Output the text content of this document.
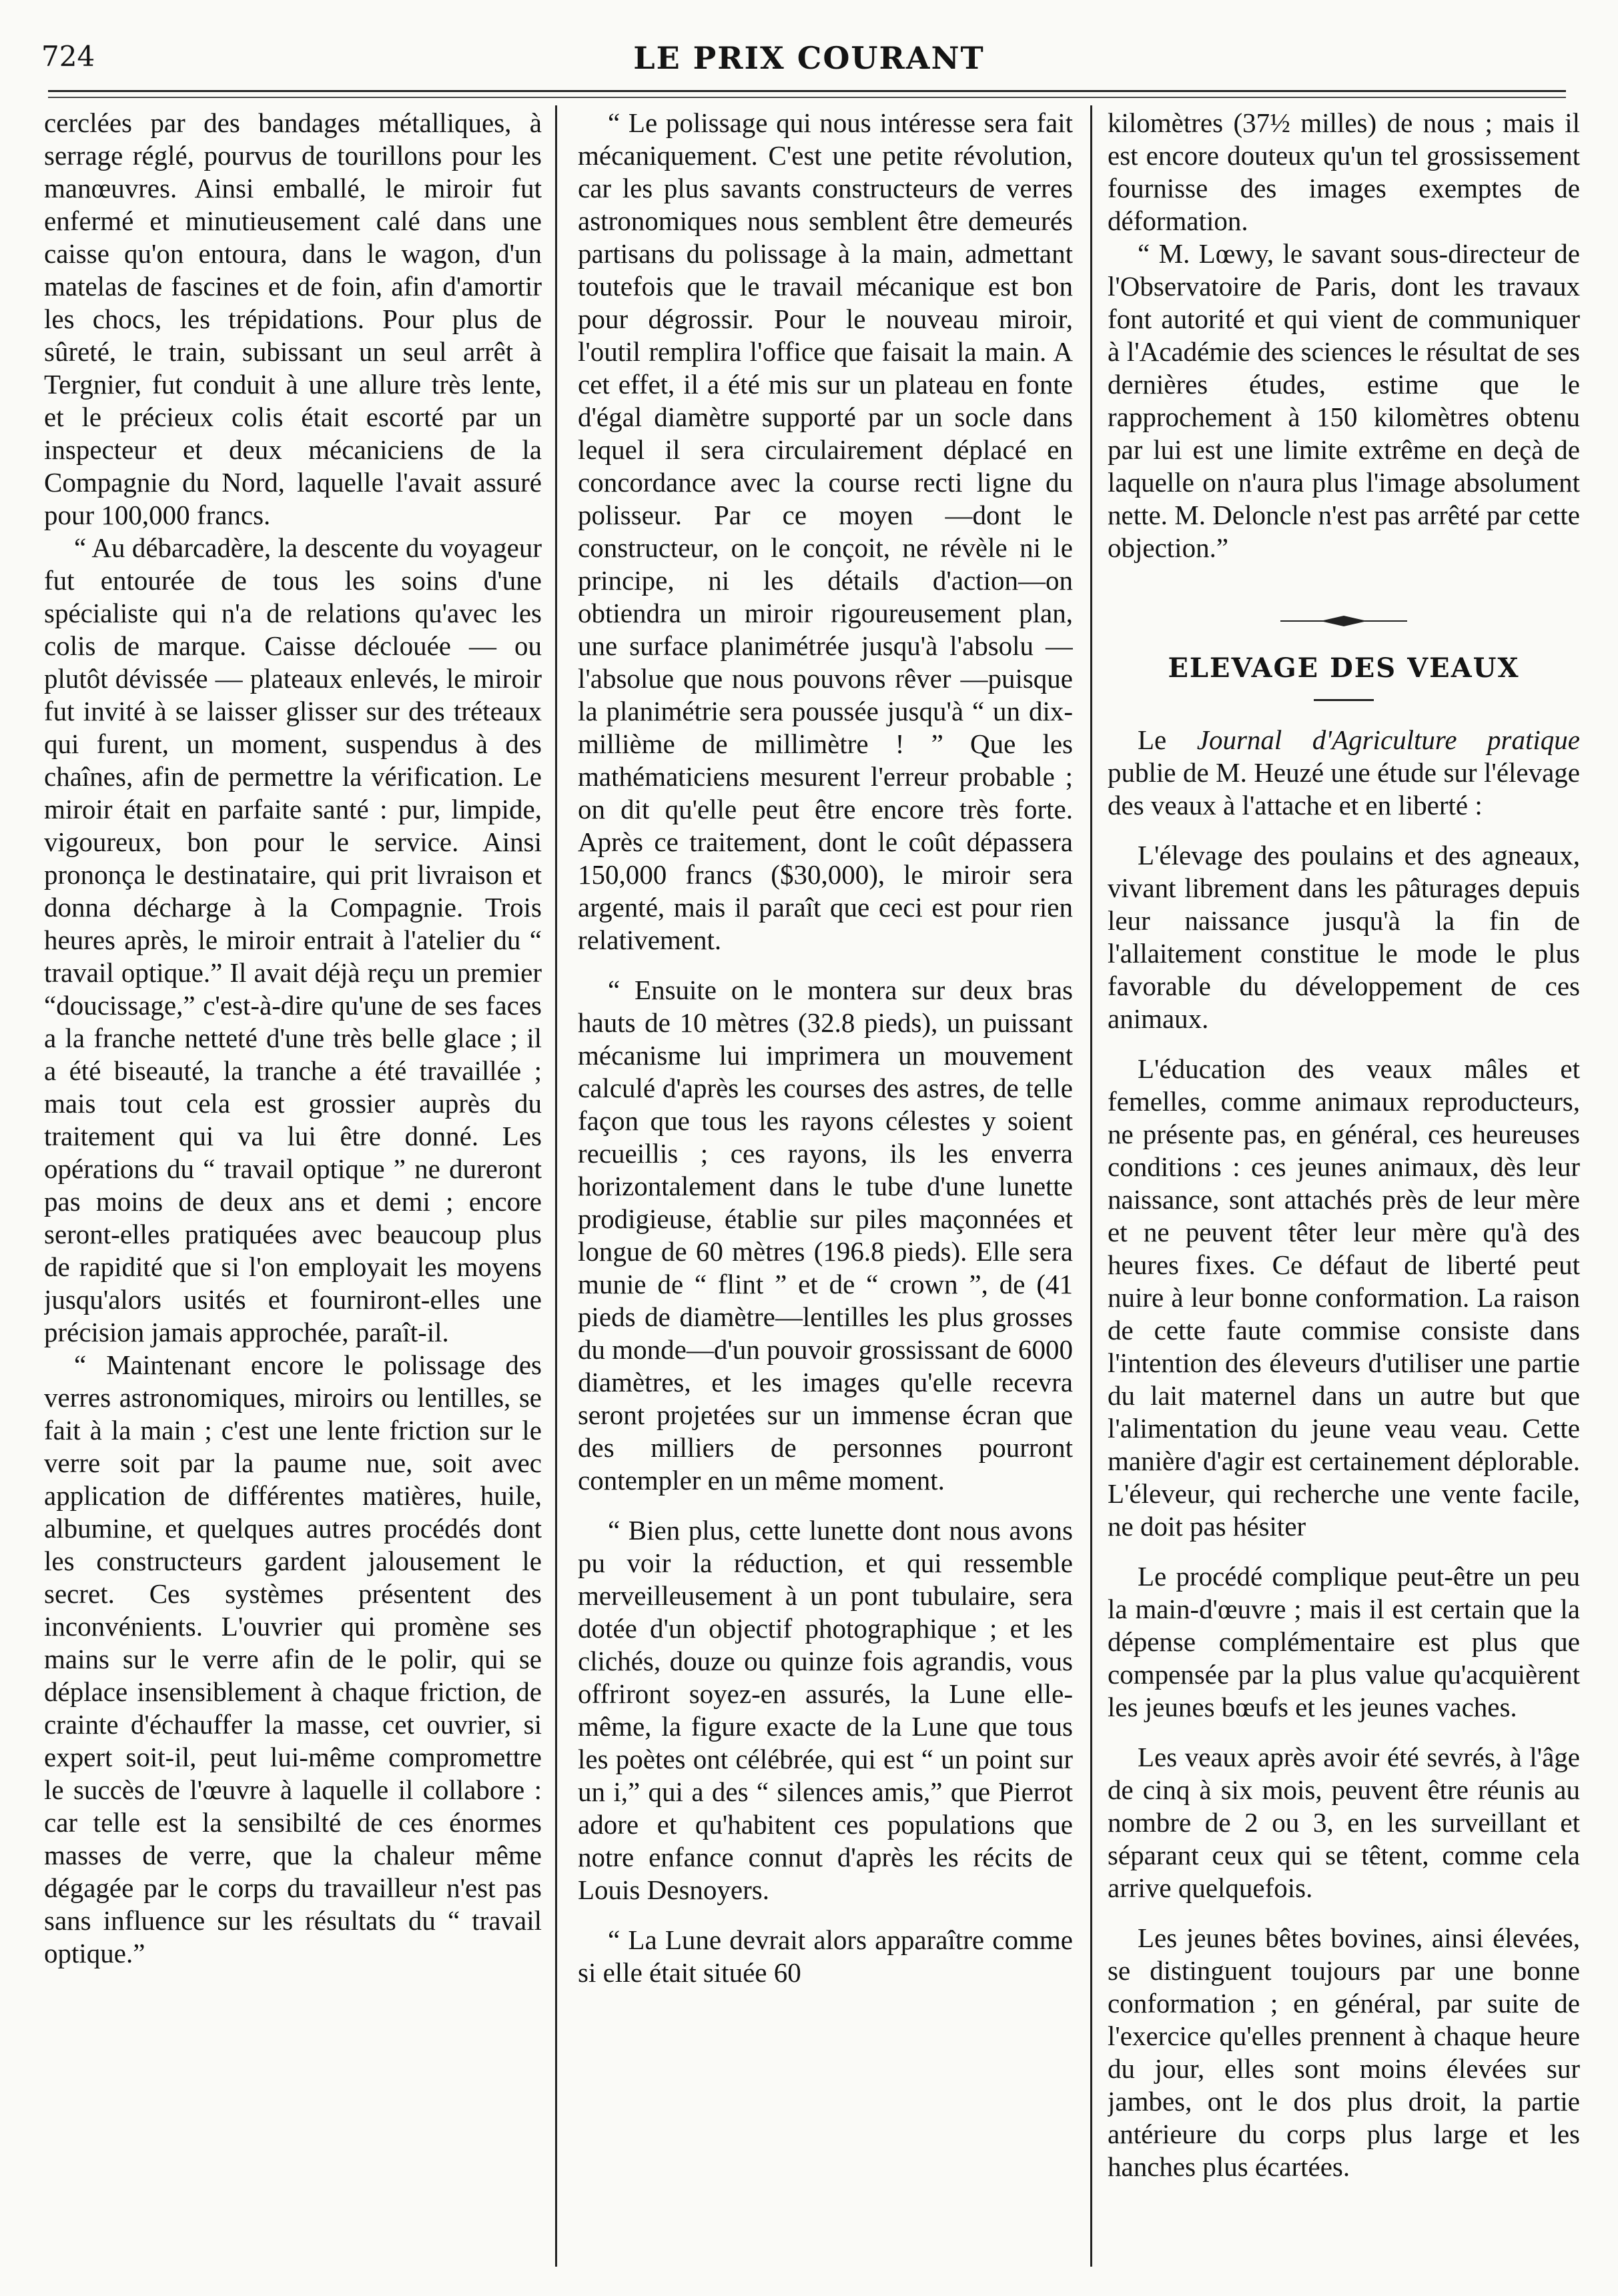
724	LE PRIX COURANT

cerclées par des bandages métalliques, à serrage réglé, pourvus de tourillons pour les manœuvres. Ainsi emballé, le miroir fut enfermé et minutieusement calé dans une caisse qu'on entoura, dans le wagon, d'un matelas de fascines et de foin, afin d'amortir les chocs, les trépidations. Pour plus de sûreté, le train, subissant un seul arrêt à Tergnier, fut conduit à une allure très lente, et le précieux colis était escorté par un inspecteur et deux mécaniciens de la Compagnie du Nord, laquelle l'avait assuré pour 100,000 francs.

“ Au débarcadère, la descente du voyageur fut entourée de tous les soins d'une spécialiste qui n'a de relations qu'avec les colis de marque. Caisse déclouée — ou plutôt dévissée — plateaux enlevés, le miroir fut invité à se laisser glisser sur des tréteaux qui furent, un moment, suspendus à des chaînes, afin de permettre la vérification. Le miroir était en parfaite santé : pur, limpide, vigoureux, bon pour le service. Ainsi prononça le destinataire, qui prit livraison et donna décharge à la Compagnie. Trois heures après, le miroir entrait à l'atelier du “ travail optique.” Il avait déjà reçu un premier “doucissage,” c'est-à-dire qu'une de ses faces a la franche netteté d'une très belle glace ; il a été biseauté, la tranche a été travaillée ; mais tout cela est grossier auprès du traitement qui va lui être donné. Les opérations du “ travail optique ” ne dureront pas moins de deux ans et demi ; encore seront-elles pratiquées avec beaucoup plus de rapidité que si l'on employait les moyens jusqu'alors usités et fourniront-elles une précision jamais approchée, paraît-il.

“ Maintenant encore le polissage des verres astronomiques, miroirs ou lentilles, se fait à la main ; c'est une lente friction sur le verre soit par la paume nue, soit avec application de différentes matières, huile, albumine, et quelques autres procédés dont les constructeurs gardent jalousement le secret. Ces systèmes présentent des inconvénients. L'ouvrier qui promène ses mains sur le verre afin de le polir, qui se déplace insensiblement à chaque friction, de crainte d'échauffer la masse, cet ouvrier, si expert soit-il, peut lui-même compromettre le succès de l'œuvre à laquelle il collabore : car telle est la sensibilté de ces énormes masses de verre, que la chaleur même dégagée par le corps du travailleur n'est pas sans influence sur les résultats du “ travail optique.”

“ Le polissage qui nous intéresse sera fait mécaniquement. C'est une petite révolution, car les plus savants constructeurs de verres astronomiques nous semblent être demeurés partisans du polissage à la main, admettant toutefois que le travail mécanique est bon pour dégrossir. Pour le nouveau miroir, l'outil remplira l'office que faisait la main. A cet effet, il a été mis sur un plateau en fonte d'égal diamètre supporté par un socle dans lequel il sera circulairement déplacé en concordance avec la course recti ligne du polisseur. Par ce moyen —dont le constructeur, on le conçoit, ne révèle ni le principe, ni les détails d'action—on obtiendra un miroir rigoureusement plan, une surface planimétrée jusqu'à l'absolu —l'absolue que nous pouvons rêver —puisque la planimétrie sera poussée jusqu'à “ un dix-millième de millimètre ! ” Que les mathématiciens mesurent l'erreur probable ; on dit qu'elle peut être encore très forte. Après ce traitement, dont le coût dépassera 150,000 francs ($30,000), le miroir sera argenté, mais il paraît que ceci est pour rien relativement.

“ Ensuite on le montera sur deux bras hauts de 10 mètres (32.8 pieds), un puissant mécanisme lui imprimera un mouvement calculé d'après les courses des astres, de telle façon que tous les rayons célestes y soient recueillis ; ces rayons, ils les enverra horizontalement dans le tube d'une lunette prodigieuse, établie sur piles maçonnées et longue de 60 mètres (196.8 pieds). Elle sera munie de “ flint ” et de “ crown ”, de (41 pieds de diamètre—lentilles les plus grosses du monde—d'un pouvoir grossissant de 6000 diamètres, et les images qu'elle recevra seront projetées sur un immense écran que des milliers de personnes pourront contempler en un même moment.

“ Bien plus, cette lunette dont nous avons pu voir la réduction, et qui ressemble merveilleusement à un pont tubulaire, sera dotée d'un objectif photographique ; et les clichés, douze ou quinze fois agrandis, vous offriront soyez-en assurés, la Lune elle-même, la figure exacte de la Lune que tous les poètes ont célébrée, qui est “ un point sur un i,” qui a des “ silences amis,” que Pierrot adore et qu'habitent ces populations que notre enfance connut d'après les récits de Louis Desnoyers.

“ La Lune devrait alors apparaître comme si elle était située 60

kilomètres (37½ milles) de nous ; mais il est encore douteux qu'un tel grossissement fournisse des images exemptes de déformation.

“ M. Lœwy, le savant sous-directeur de l'Observatoire de Paris, dont les travaux font autorité et qui vient de communiquer à l'Académie des sciences le résultat de ses dernières études, estime que le rapprochement à 150 kilomètres obtenu par lui est une limite extrême en deçà de laquelle on n'aura plus l'image absolument nette. M. Deloncle n'est pas arrêté par cette objection.”

ELEVAGE DES VEAUX

Le Journal d'Agriculture pratique publie de M. Heuzé une étude sur l'élevage des veaux à l'attache et en liberté :

L'élevage des poulains et des agneaux, vivant librement dans les pâturages depuis leur naissance jusqu'à la fin de l'allaitement constitue le mode le plus favorable du développement de ces animaux.

L'éducation des veaux mâles et femelles, comme animaux reproducteurs, ne présente pas, en général, ces heureuses conditions : ces jeunes animaux, dès leur naissance, sont attachés près de leur mère et ne peuvent têter leur mère qu'à des heures fixes. Ce défaut de liberté peut nuire à leur bonne conformation. La raison de cette faute commise consiste dans l'intention des éleveurs d'utiliser une partie du lait maternel dans un autre but que l'alimentation du jeune veau veau. Cette manière d'agir est certainement déplorable. L'éleveur, qui recherche une vente facile, ne doit pas hésiter

Le procédé complique peut-être un peu la main-d'œuvre ; mais il est certain que la dépense complémentaire est plus que compensée par la plus value qu'acquièrent les jeunes bœufs et les jeunes vaches.

Les veaux après avoir été sevrés, à l'âge de cinq à six mois, peuvent être réunis au nombre de 2 ou 3, en les surveillant et séparant ceux qui se têtent, comme cela arrive quelquefois.

Les jeunes bêtes bovines, ainsi élevées, se distinguent toujours par une bonne conformation ; en général, par suite de l'exercice qu'elles prennent à chaque heure du jour, elles sont moins élevées sur jambes, ont le dos plus droit, la partie antérieure du corps plus large et les hanches plus écartées.
